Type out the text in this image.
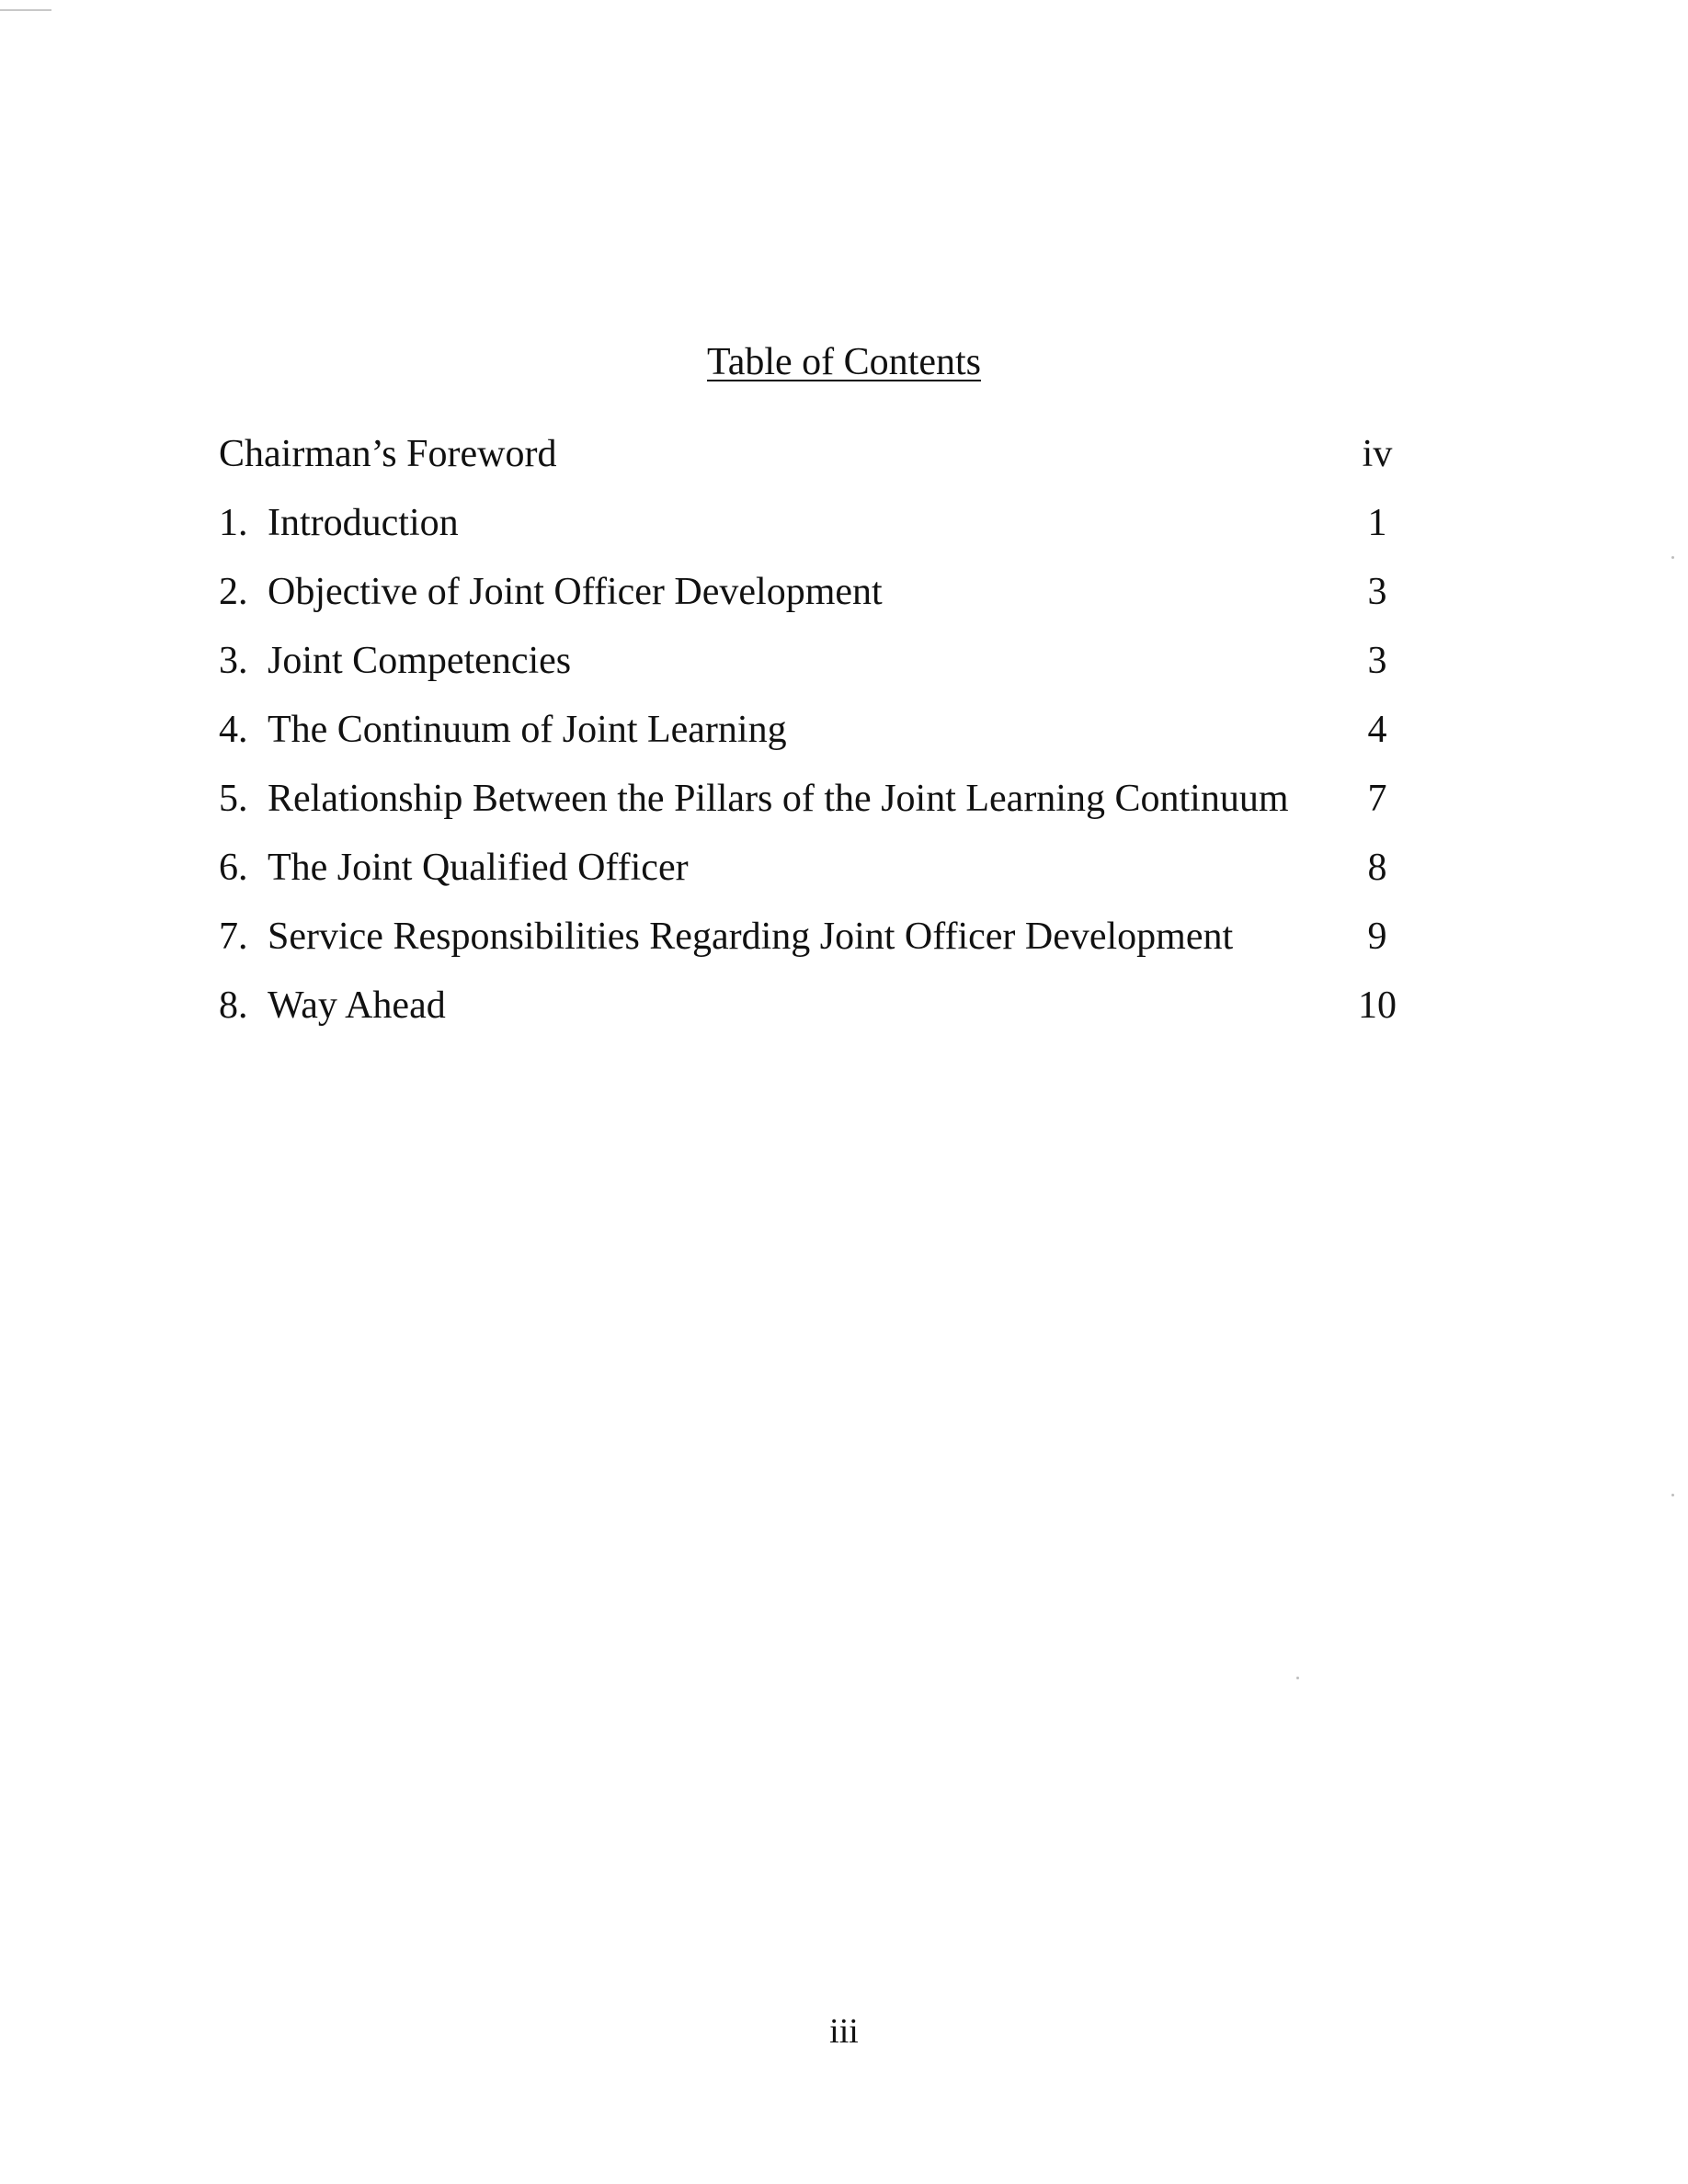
Table of Contents
Chairman’s Foreword	iv
1. Introduction	1
2. Objective of Joint Officer Development	3
3. Joint Competencies	3
4. The Continuum of Joint Learning	4
5. Relationship Between the Pillars of the Joint Learning Continuum	7
6. The Joint Qualified Officer	8
7. Service Responsibilities Regarding Joint Officer Development	9
8. Way Ahead	10
iii
